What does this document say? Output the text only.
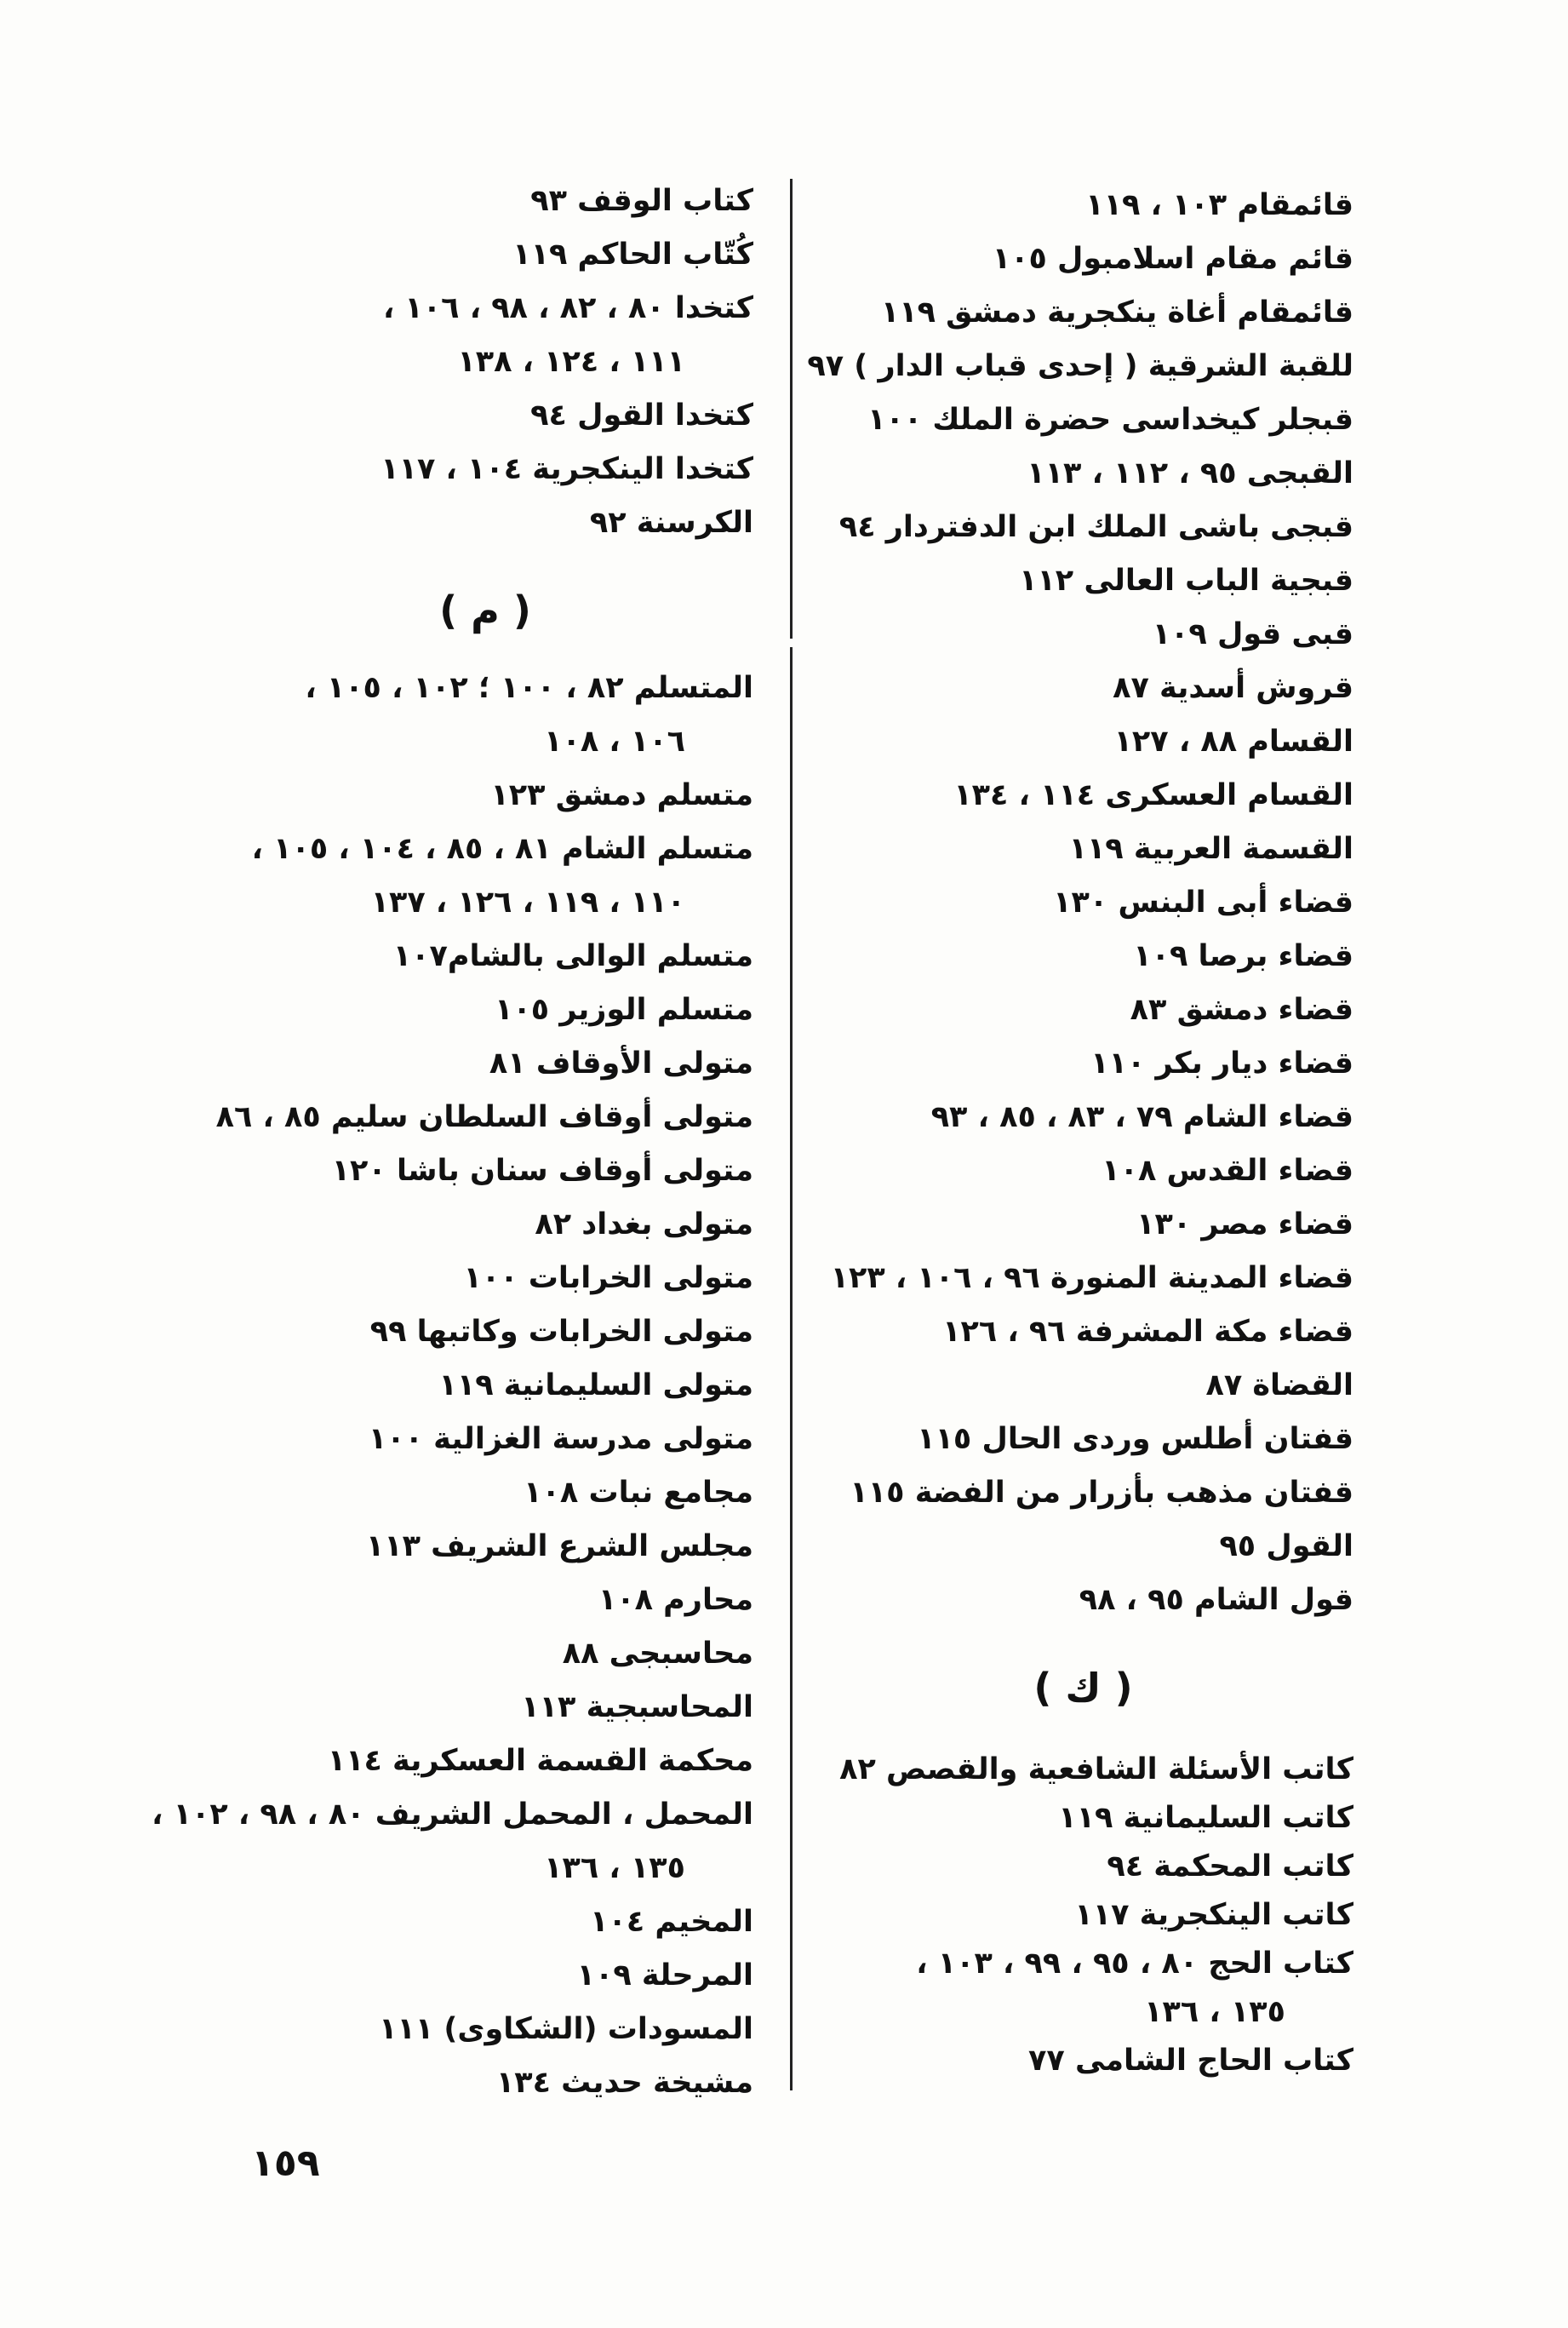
قائمقام ١٠٣ ، ١١٩
قائم مقام اسلامبول ١٠٥
قائمقام أغاة ينكجرية دمشق ١١٩
للقبة الشرقية ( إحدى قباب الدار ) ٩٧
قبجلر كيخداسى حضرة الملك ١٠٠
القبجى ٩٥ ، ١١٢ ، ١١٣
قبجى باشى الملك ابن الدفتردار ٩٤
قبجية الباب العالى ١١٢
قبى قول ١٠٩
قروش أسدية ٨٧
القسام ٨٨ ، ١٢٧
القسام العسكرى ١١٤ ، ١٣٤
القسمة العربية ١١٩
قضاء أبى البنس ١٣٠
قضاء برصا ١٠٩
قضاء دمشق ٨٣
قضاء ديار بكر ١١٠
قضاء الشام ٧٩ ، ٨٣ ، ٨٥ ، ٩٣
قضاء القدس ١٠٨
قضاء مصر ١٣٠
قضاء المدينة المنورة ٩٦ ، ١٠٦ ، ١٢٣
قضاء مكة المشرفة ٩٦ ، ١٢٦
القضاة ٨٧
قفتان أطلس وردى الحال ١١٥
قفتان مذهب بأزرار من الفضة ١١٥
القول ٩٥
قول الشام ٩٥ ، ٩٨
( ك )
كاتب الأسئلة الشافعية والقصص ٨٢
كاتب السليمانية ١١٩
كاتب المحكمة ٩٤
كاتب الينكجرية ١١٧
كتاب الحج ٨٠ ، ٩٥ ، ٩٩ ، ١٠٣ ،
١٣٥ ، ١٣٦
كتاب الحاج الشامى ٧٧
كتاب الوقف ٩٣
كُتّاب الحاكم ١١٩
كتخدا ٨٠ ، ٨٢ ، ٩٨ ، ١٠٦ ،
١١١ ، ١٢٤ ، ١٣٨
كتخدا القول ٩٤
كتخدا الينكجرية ١٠٤ ، ١١٧
الكرسنة ٩٢
( م )
المتسلم ٨٢ ، ١٠٠ ؛ ١٠٢ ، ١٠٥ ،
١٠٦ ، ١٠٨
متسلم دمشق ١٢٣
متسلم الشام ٨١ ، ٨٥ ، ١٠٤ ، ١٠٥ ،
١١٠ ، ١١٩ ، ١٢٦ ، ١٣٧
متسلم الوالى بالشام١٠٧
متسلم الوزير ١٠٥
متولى الأوقاف ٨١
متولى أوقاف السلطان سليم ٨٥ ، ٨٦
متولى أوقاف سنان باشا ١٢٠
متولى بغداد ٨٢
متولى الخرابات ١٠٠
متولى الخرابات وكاتبها ٩٩
متولى السليمانية ١١٩
متولى مدرسة الغزالية ١٠٠
مجامع نبات ١٠٨
مجلس الشرع الشريف ١١٣
محارم ١٠٨
محاسبجى ٨٨
المحاسبجية ١١٣
محكمة القسمة العسكرية ١١٤
المحمل ، المحمل الشريف ٨٠ ، ٩٨ ، ١٠٢ ،
١٣٥ ، ١٣٦
المخيم ١٠٤
المرحلة ١٠٩
المسودات (الشكاوى) ١١١
مشيخة حديث ١٣٤
١٥٩
